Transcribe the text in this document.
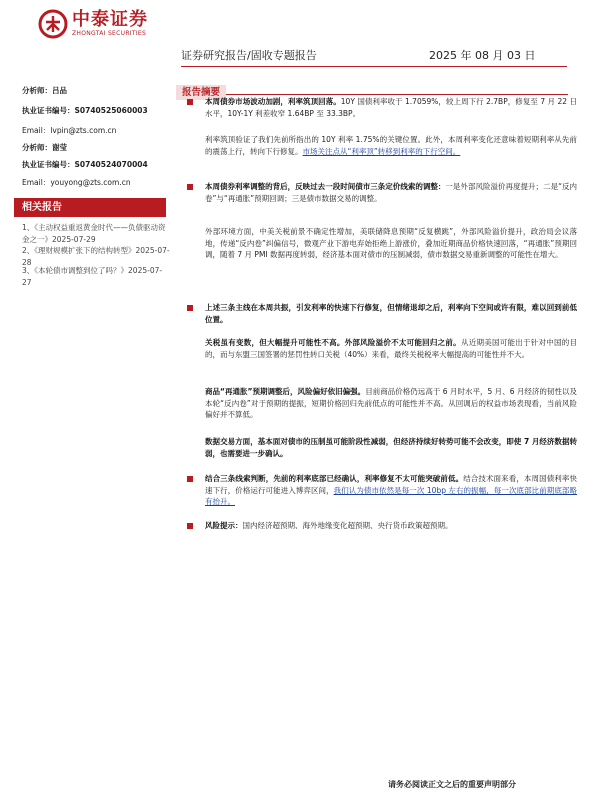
中泰证券
ZHONGTAI SECURITIES
证券研究报告/固收专题报告	2025 年 08 月 03 日
分析师：吕品
执业证书编号：S0740525060003
Email：lvpin@zts.com.cn
分析师：谢莹
执业证书编号：S0740524070004
Email：youyong@zts.com.cn
相关报告
1、《主动权益重返黄金时代——负债驱动资金之一》2025-07-29
2、《理财规模扩张下的结构转型》2025-07-28
3、《本轮债市调整到位了吗？》2025-07-27
报告摘要
本周债券市场波动加剧，利率筑顶回落。10Y 国债利率收于 1.7059%，较上周下行 2.7BP，修复至 7 月 22 日水平，10Y-1Y 利差收窄 1.64BP 至 33.3BP。
利率筑顶验证了我们先前所指出的 10Y 利率 1.75%的关键位置。此外，本周利率变化还意味着短期利率从先前的震荡上行，转向下行修复。市场关注点从“利率顶”转移到利率的下行空间。
本周债券利率调整的背后，反映过去一段时间债市三条定价线索的调整：一是外部风险溢价再度提升；二是“反内卷”与“再通胀”预期回调；三是债市数据交易的调整。
外部环境方面，中美关税前景不确定性增加，美联储降息预期“反复横跳”，外部风险溢价提升，政治局会议落地，传递“反内卷”纠偏信号，微观产业下游电弃始拒绝上游涨价，叠加近期商品价格快速回落，“再通胀”预期回调，随着 7 月 PMI 数据再度转弱，经济基本面对债市的压制减弱，债市数据交易重新调整的可能性在增大。
上述三条主线在本周共振，引发利率的快速下行修复，但情绪退却之后，利率向下空间或许有限，难以回到前低位置。
关税虽有变数，但大幅提升可能性不高。外部风险溢价不太可能回归之前。从近期美国可能出于针对中国的目的，而与东盟三国签署的惩罚性转口关税（40%）来看，最终关税税率大幅提高的可能性并不大。
商品“再通胀”预期调整后，风险偏好依旧偏强。目前商品价格仍远高于 6 月时水平，5 月、6 月经济的韧性以及本轮“反内卷”对于预期的提振，短期价格回归先前低点的可能性并不高。从回调后的权益市场表现看，当前风险偏好并不算低。
数据交易方面，基本面对债市的压制虽可能阶段性减弱，但经济持续好转势可能不会改变，即使 7 月经济数据转弱，也需要进一步确认。
结合三条线索判断，先前的利率底部已经确认，利率修复不太可能突破前低。结合技术面来看，本周国债利率快速下行，价格运行可能进入博弈区间，我们认为债市依然是每一次 10bp 左右的振幅，每一次底部比前期底部略有抬升。
风险提示：国内经济超预期、海外地缘变化超预期、央行货币政策超预期。
请务必阅读正文之后的重要声明部分
